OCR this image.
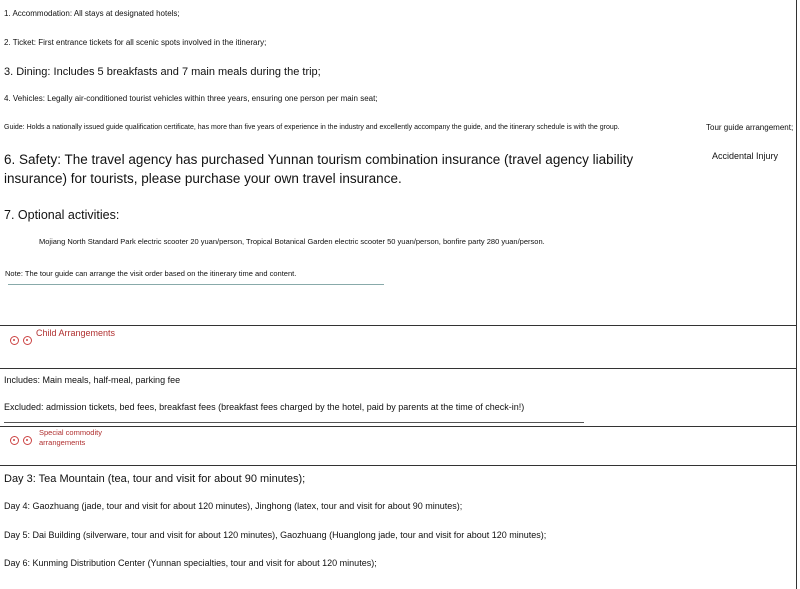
1. Accommodation: All stays at designated hotels;
2. Ticket: First entrance tickets for all scenic spots involved in the itinerary;
3. Dining: Includes 5 breakfasts and 7 main meals during the trip;
4. Vehicles: Legally air-conditioned tourist vehicles within three years, ensuring one person per main seat;
Guide: Holds a nationally issued guide qualification certificate, has more than five years of experience in the industry and excellently accompany the guide, and the itinerary schedule is with the group.	Tour guide arrangement;
Accidental Injury
6. Safety: The travel agency has purchased Yunnan tourism combination insurance (travel agency liability insurance) for tourists, please purchase your own travel insurance.
7. Optional activities:
Mojiang North Standard Park electric scooter 20 yuan/person, Tropical Botanical Garden electric scooter 50 yuan/person, bonfire party 280 yuan/person.
Note: The tour guide can arrange the visit order based on the itinerary time and content.
Child Arrangements
Includes: Main meals, half-meal, parking fee
Excluded: admission tickets, bed fees, breakfast fees (breakfast fees charged by the hotel, paid by parents at the time of check-in!)
Special commodity
arrangements
Day 3: Tea Mountain (tea, tour and visit for about 90 minutes);
Day 4: Gaozhuang (jade, tour and visit for about 120 minutes), Jinghong (latex, tour and visit for about 90 minutes);
Day 5: Dai Building (silverware, tour and visit for about 120 minutes), Gaozhuang (Huanglong jade, tour and visit for about 120 minutes);
Day 6: Kunming Distribution Center (Yunnan specialties, tour and visit for about 120 minutes);
